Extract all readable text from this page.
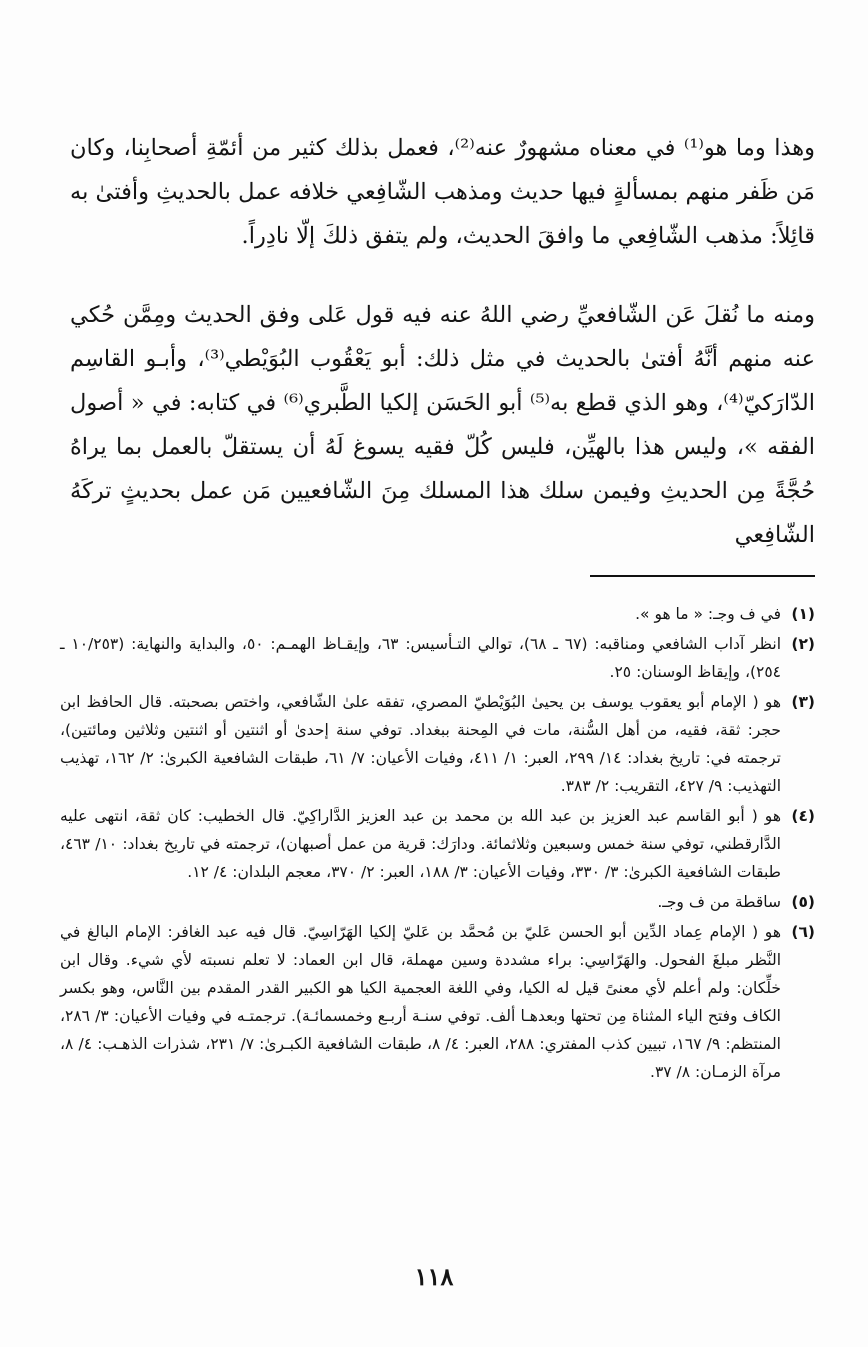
وهذا وما هو⁽¹⁾ في معناه مشهورٌ عنه⁽²⁾، فعمل بذلك كثير من أئمّةِ أصحابِنا، وكان مَن ظَفر منهم بمسألةٍ فيها حديث ومذهب الشّافِعي خلافه عمل بالحديثِ وأفتىٰ به قائِلاً: مذهب الشّافِعي ما وافقَ الحديث، ولم يتفق ذلكَ إلّا نادِراً.

ومنه ما نُقلَ عَن الشّافعيِّ رضي اللهُ عنه فيه قول عَلى وفق الحديث ومِمَّن حُكي عنه منهم أنَّهُ أفتىٰ بالحديث في مثل ذلك: أبو يَعْقُوب البُوَيْطي⁽³⁾، وأبـو القاسِم الدّارَكيّ⁽⁴⁾، وهو الذي قطع به⁽⁵⁾ أبو الحَسَن إلكيا الطَّبري⁽⁶⁾ في كتابه: في « أصول الفقه »، وليس هذا بالهيِّن، فليس كُلّ فقيه يسوغ لَهُ أن يستقلّ بالعمل بما يراهُ حُجَّةً مِن الحديثِ وفيمن سلك هذا المسلك مِنَ الشّافعيين مَن عمل بحديثٍ تركَهُ الشّافِعي

(١)
في ف وجـ: « ما هو ».
(٢)
انظر آداب الشافعي ومناقبه: (٦٧ ـ ٦٨)، توالي التـأسيس: ٦٣، وإيقـاظ الهمـم: ٥٠، والبداية والنهاية: (١٠/٢٥٣ ـ ٢٥٤)، وإيقاظ الوسنان: ٢٥.
(٣)
هو ( الإمام أبو يعقوب يوسف بن يحيىٰ البُوَيْطيّ المصري، تفقه علىٰ الشّافعي، واختص بصحبته. قال الحافظ ابن حجر: ثقة، فقيه، من أهل السُّنة، مات في المِحنة ببغداد. توفي سنة إحدىٰ أو اثنتين أو اثنتين وثلاثين ومائتين)، ترجمته في: تاريخ بغداد: ١٤/ ٢٩٩، العبر: ١/ ٤١١، وفيات الأعيان: ٧/ ٦١، طبقات الشافعية الكبرىٰ: ٢/ ١٦٢، تهذيب التهذيب: ٩/ ٤٢٧، التقريب: ٢/ ٣٨٣.
(٤)
هو ( أبو القاسم عبد العزيز بن عبد الله بن محمد بن عبد العزيز الدَّاراكِيّ. قال الخطيب: كان ثقة، انتهى عليه الدَّارقطني، توفي سنة خمس وسبعين وثلاثمائة. ودارَك: قرية من عمل أصبهان)، ترجمته في تاريخ بغداد: ١٠/ ٤٦٣، طبقات الشافعية الكبرىٰ: ٣/ ٣٣٠، وفيات الأعيان: ٣/ ١٨٨، العبر: ٢/ ٣٧٠، معجم البلدان: ٤/ ١٢.
(٥)
ساقطة من ف وجـ.
(٦)
هو ( الإمام عِماد الدِّين أبو الحسن عَليّ بن مُحمَّد بن عَليّ إلكيا الهَرّاسِيّ. قال فيه عبد الغافر: الإمام البالغ في النَّظر مبلغَ الفحول. والهَرّاسِي: براء مشددة وسين مهملة، قال ابن العماد: لا تعلم نسبته لأي شيء. وقال ابن خلِّكان: ولم أعلم لأي معنىً قيل له الكيا، وفي اللغة العجمية الكيا هو الكبير القدر المقدم بين النَّاس، وهو بكسر الكاف وفتح الياء المثناة مِن تحتها وبعدهـا ألف. توفي سنـة أربـع وخمسمائـة). ترجمتـه في وفيات الأعيان: ٣/ ٢٨٦، المنتظم: ٩/ ١٦٧، تبيين كذب المفتري: ٢٨٨، العبر: ٤/ ٨، طبقات الشافعية الكبـرىٰ: ٧/ ٢٣١، شذرات الذهـب: ٤/ ٨، مرآة الزمـان: ٨/ ٣٧.
١١٨
